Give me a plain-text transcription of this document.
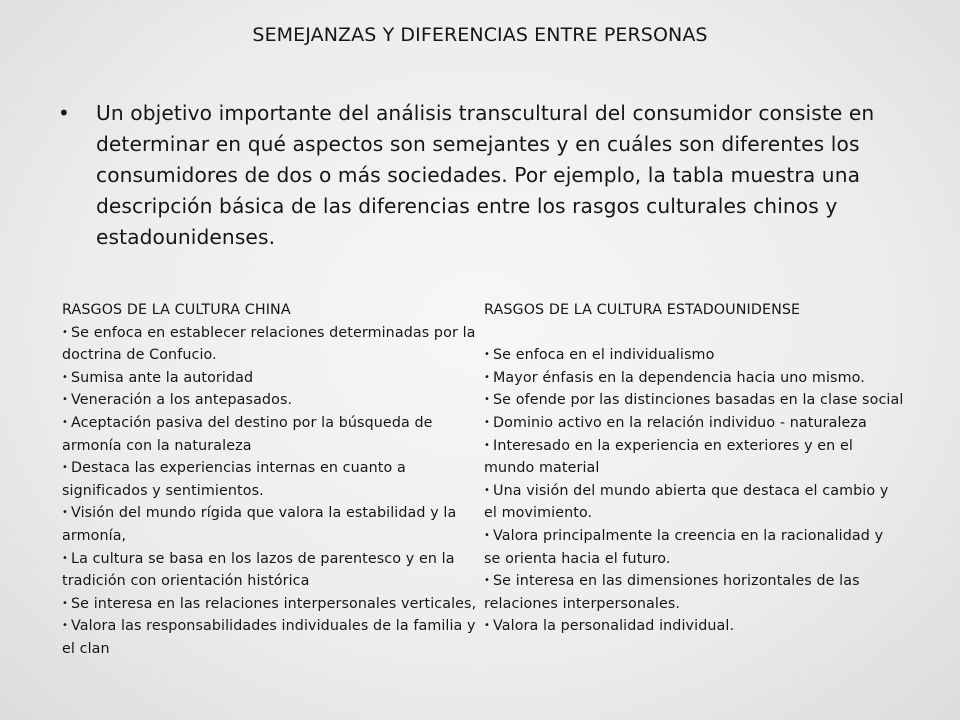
SEMEJANZAS Y DIFERENCIAS ENTRE PERSONAS
• Un objetivo importante del análisis transcultural del consumidor consiste en determinar en qué aspectos son semejantes y en cuáles son diferentes los consumidores de dos o más sociedades. Por ejemplo, la tabla muestra una descripción básica de las diferencias entre los rasgos culturales chinos y estadounidenses.
RASGOS DE LA CULTURA CHINA
• Se enfoca en establecer relaciones determinadas por la doctrina de Confucio.
• Sumisa ante la autoridad
• Veneración a los antepasados.
• Aceptación pasiva del destino por la búsqueda de armonía con la naturaleza
• Destaca las experiencias internas en cuanto a significados y sentimientos.
• Visión del mundo rígida que valora la estabilidad y la armonía,
• La cultura se basa en los lazos de parentesco y en la tradición con orientación histórica
• Se interesa en las relaciones interpersonales verticales,
• Valora las responsabilidades individuales de la familia y el clan
RASGOS DE LA CULTURA ESTADOUNIDENSE
• Se enfoca en el individualismo
• Mayor énfasis en la dependencia hacia uno mismo.
• Se ofende por las distinciones basadas en la clase social
• Dominio activo en la relación individuo - naturaleza
• Interesado en la experiencia en exteriores y en el mundo material
• Una visión del mundo abierta que destaca el cambio y el movimiento.
• Valora principalmente la creencia en la racionalidad y se orienta hacia el futuro.
• Se interesa en las dimensiones horizontales de las relaciones interpersonales.
• Valora la personalidad individual.
